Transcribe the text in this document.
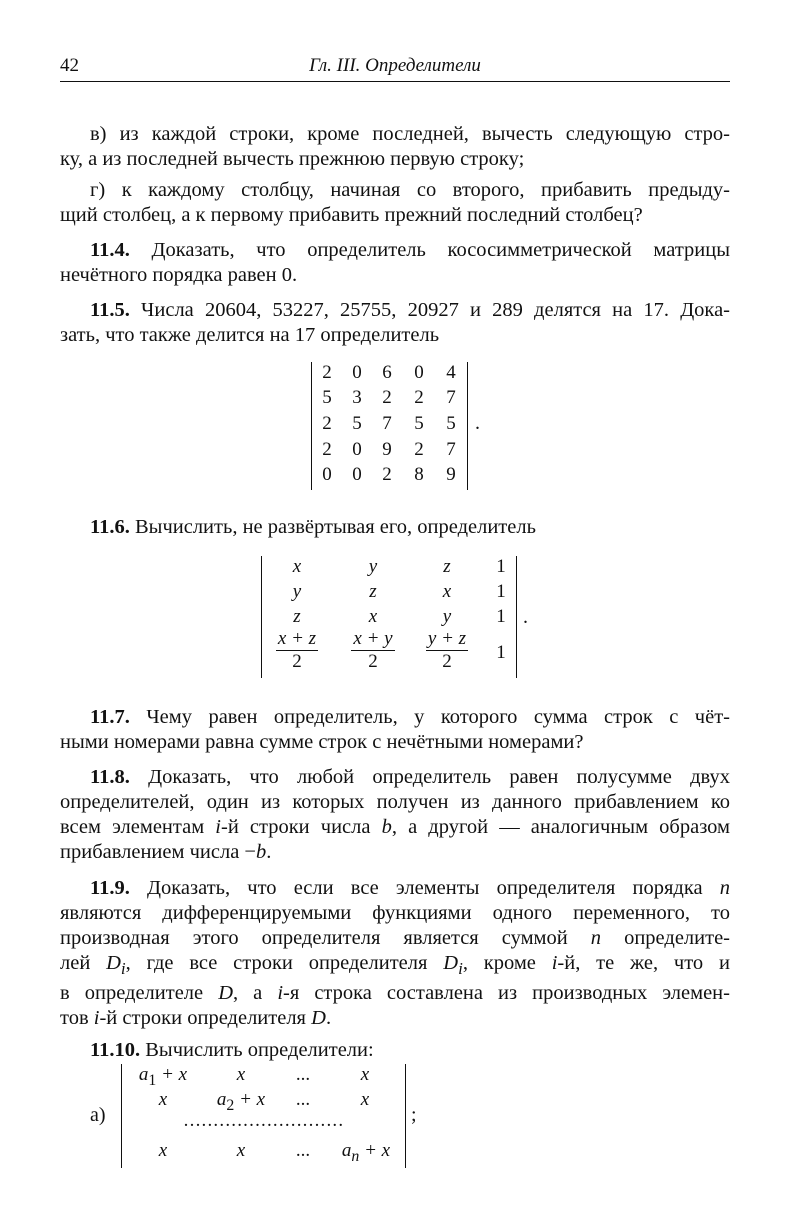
42	Гл. III. Определители
в) из каждой строки, кроме последней, вычесть следующую стро-
ку, а из последней вычесть прежнюю первую строку;
г) к каждому столбцу, начиная со второго, прибавить предыду-
щий столбец, а к первому прибавить прежний последний столбец?
11.4. Доказать, что определитель кососимметрической матрицы
нечётного порядка равен 0.
11.5. Числа 20604, 53227, 25755, 20927 и 289 делятся на 17. Дока-
зать, что также делится на 17 определитель
2 0 6 0 4
5 3 2 2 7
2 5 7 5 5
2 0 9 2 7
0 0 2 8 9
.
11.6. Вычислить, не развёртывая его, определитель
x	y	z	1
y	z	x	1
z	x	y	1
$\frac{x + z}{2} \frac{x + y}{2} \frac{y + z}{2} 1$
.
11.7. Чему равен определитель, у которого сумма строк с чёт-
ными номерами равна сумме строк с нечётными номерами?
11.8. Доказать, что любой определитель равен полусумме двух
определителей, один из которых получен из данного прибавлением ко
всем элементам i-й строки числа b, а другой — аналогичным образом
прибавлением числа −b.
11.9. Доказать, что если все элементы определителя порядка n
являются дифференцируемыми функциями одного переменного, то
производная этого определителя является суммой n определите-
лей $D_i$, где все строки определителя $D_i$, кроме i-й, те же, что и
в определителе D, а i-я строка составлена из производных элемен-
тов i-й строки определителя D.
11.10. Вычислить определители:
а)
$a_1 + x$	x	...	x
x	$a_2 + x$	...	x
...........................
x	x	...	$a_n + x$
;
